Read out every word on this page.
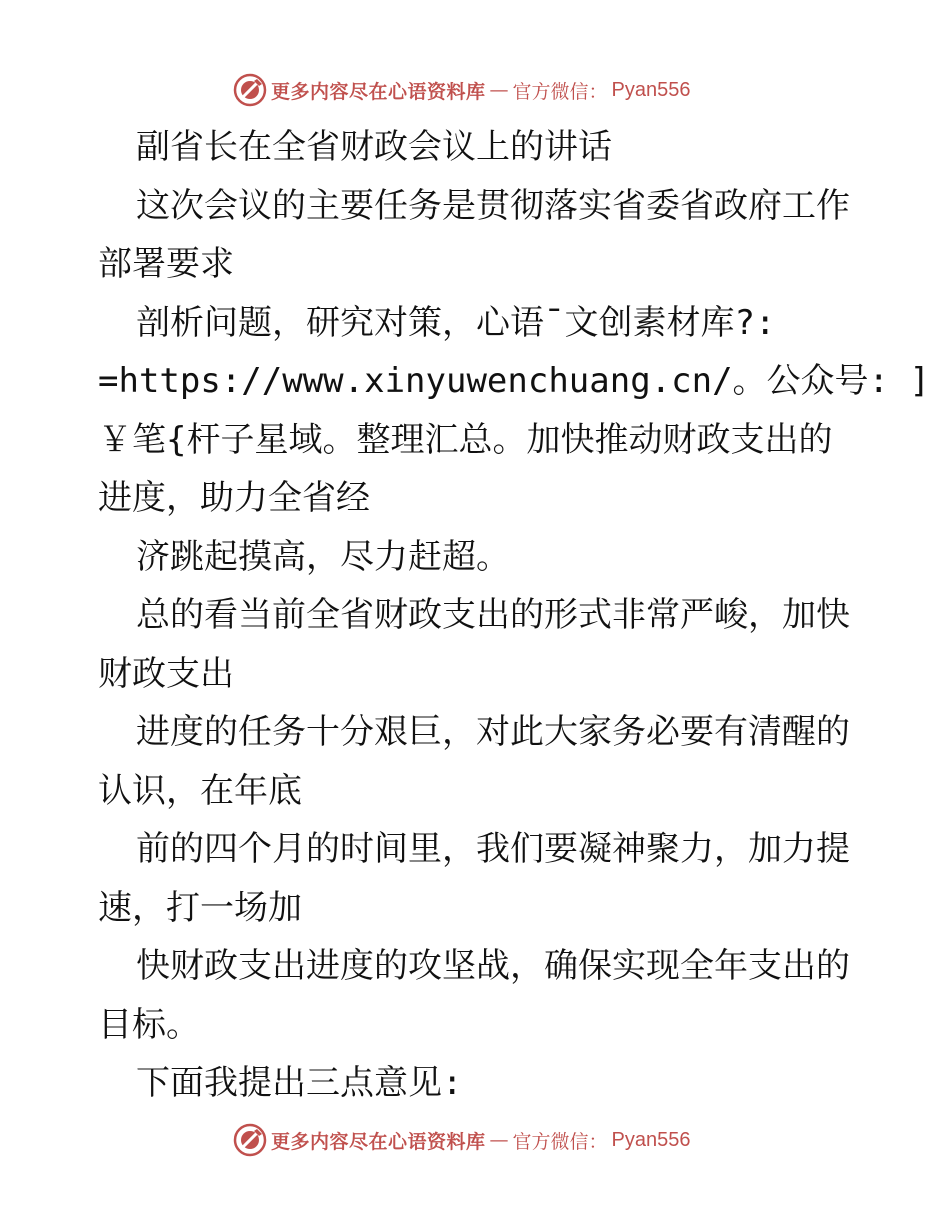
更多内容尽在心语资料库 — 官方微信： Pyan556
副省长在全省财政会议上的讲话
这次会议的主要任务是贯彻落实省委省政府工作
部署要求
剖析问题，研究对策，心语¯文创素材库?:
=https://www.xinyuwenchuang.cn/。公众号: ]
￥笔{杆子星域。整理汇总。加快推动财政支出的
进度，助力全省经
济跳起摸高，尽力赶超。
总的看当前全省财政支出的形式非常严峻，加快
财政支出
进度的任务十分艰巨，对此大家务必要有清醒的
认识，在年底
前的四个月的时间里，我们要凝神聚力，加力提
速，打一场加
快财政支出进度的攻坚战，确保实现全年支出的
目标。
下面我提出三点意见:
更多内容尽在心语资料库 — 官方微信： Pyan556
